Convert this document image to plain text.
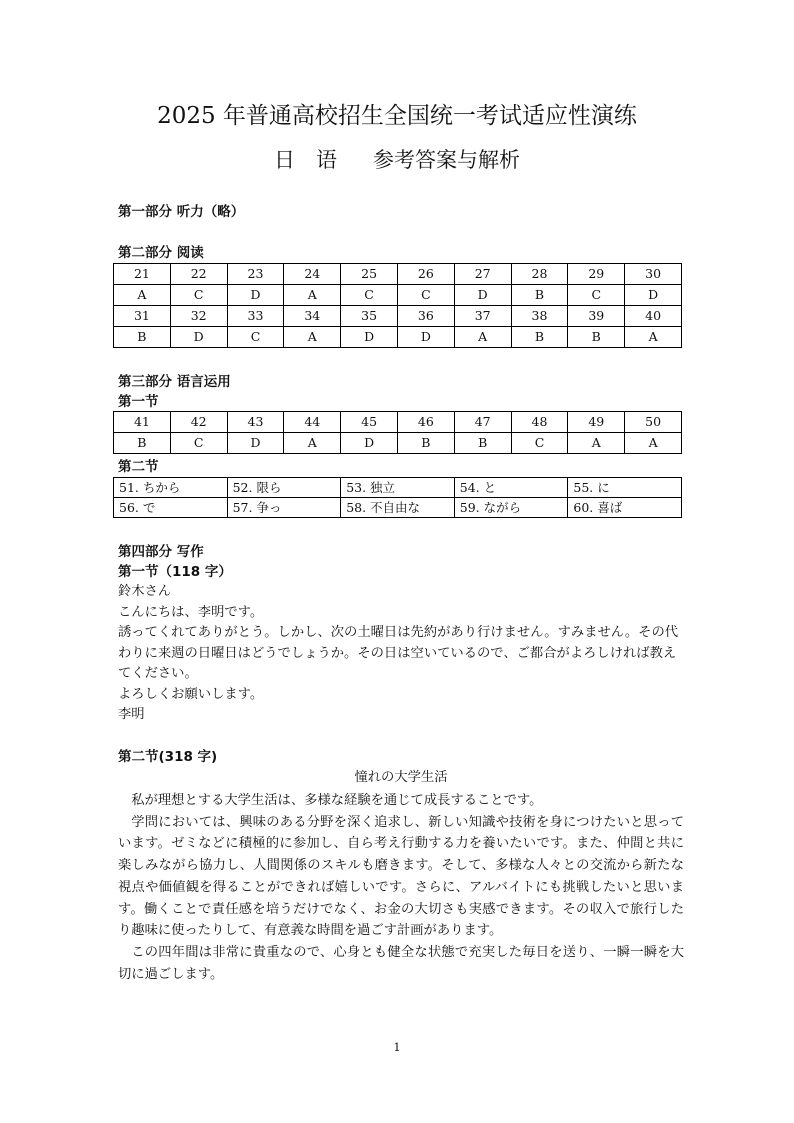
2025 年普通高校招生全国统一考试适应性演练
日　语 参考答案与解析
第一部分 听力（略）
第二部分 阅读
21	22	23	24	25	26	27	28	29	30
A	C	D	A	C	C	D	B	C	D
31	32	33	34	35	36	37	38	39	40
B	D	C	A	D	D	A	B	B	A
第三部分 语言运用
第一节
41	42	43	44	45	46	47	48	49	50
B	C	D	A	D	B	B	C	A	A
第二节
51. ちから	52. 限ら	53. 独立	54. と	55. に
56. で	57. 争っ	58. 不自由な	59. ながら	60. 喜ば
第四部分 写作
第一节（118 字）

鈴木さん

こんにちは、李明です。

誘ってくれてありがとう。しかし、次の土曜日は先約があり行けません。すみません。その代わりに来週の日曜日はどうでしょうか。その日は空いているので、ご都合がよろしければ教えてください。

よろしくお願いします。

李明

第二节(318 字)
憧れの大学生活

私が理想とする大学生活は、多様な経験を通じて成長することです。

学問においては、興味のある分野を深く追求し、新しい知識や技術を身につけたいと思っています。ゼミなどに積極的に参加し、自ら考え行動する力を養いたいです。また、仲間と共に楽しみながら協力し、人間関係のスキルも磨きます。そして、多様な人々との交流から新たな視点や価値観を得ることができれば嬉しいです。さらに、アルバイトにも挑戦したいと思います。働くことで責任感を培うだけでなく、お金の大切さも実感できます。その収入で旅行したり趣味に使ったりして、有意義な時間を過ごす計画があります。

この四年間は非常に貴重なので、心身とも健全な状態で充実した毎日を送り、一瞬一瞬を大切に過ごします。

1
